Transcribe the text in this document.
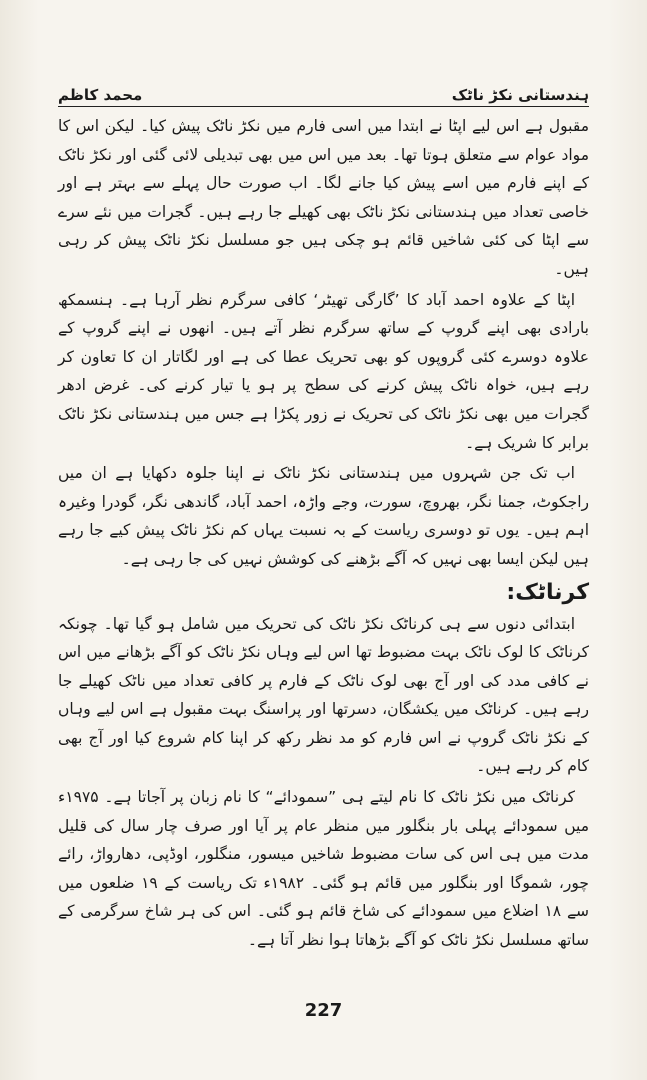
ہندستانی نکڑ ناٹک
محمد کاظم

مقبول ہے اس لیے اپٹا نے ابتدا میں اسی فارم میں نکڑ ناٹک پیش کیا۔ لیکن اس کا مواد عوام سے متعلق ہوتا تھا۔ بعد میں اس میں بھی تبدیلی لائی گئی اور نکڑ ناٹک کے اپنے فارم میں اسے پیش کیا جانے لگا۔ اب صورت حال پہلے سے بہتر ہے اور خاصی تعداد میں ہندستانی نکڑ ناٹک بھی کھیلے جا رہے ہیں۔ گجرات میں نئے سرے سے اپٹا کی کئی شاخیں قائم ہو چکی ہیں جو مسلسل نکڑ ناٹک پیش کر رہی ہیں۔

اپٹا کے علاوہ احمد آباد کا ’گارگی تھیٹر‘ کافی سرگرم نظر آرہا ہے۔ ہنسمکھ بارادی بھی اپنے گروپ کے ساتھ سرگرم نظر آتے ہیں۔ انھوں نے اپنے گروپ کے علاوہ دوسرے کئی گروپوں کو بھی تحریک عطا کی ہے اور لگاتار ان کا تعاون کر رہے ہیں، خواہ ناٹک پیش کرنے کی سطح پر ہو یا تیار کرنے کی۔ غرض ادھر گجرات میں بھی نکڑ ناٹک کی تحریک نے زور پکڑا ہے جس میں ہندستانی نکڑ ناٹک برابر کا شریک ہے۔

اب تک جن شہروں میں ہندستانی نکڑ ناٹک نے اپنا جلوہ دکھایا ہے ان میں راجکوٹ، جمنا نگر، بھروچ، سورت، وجے واڑہ، احمد آباد، گاندھی نگر، گودرا وغیرہ اہم ہیں۔ یوں تو دوسری ریاست کے بہ نسبت یہاں کم نکڑ ناٹک پیش کیے جا رہے ہیں لیکن ایسا بھی نہیں کہ آگے بڑھنے کی کوشش نہیں کی جا رہی ہے۔

کرناٹک:

ابتدائی دنوں سے ہی کرناٹک نکڑ ناٹک کی تحریک میں شامل ہو گیا تھا۔ چونکہ کرناٹک کا لوک ناٹک بہت مضبوط تھا اس لیے وہاں نکڑ ناٹک کو آگے بڑھانے میں اس نے کافی مدد کی اور آج بھی لوک ناٹک کے فارم پر کافی تعداد میں ناٹک کھیلے جا رہے ہیں۔ کرناٹک میں یکشگان، دسرتھا اور پراسنگ بہت مقبول ہے اس لیے وہاں کے نکڑ ناٹک گروپ نے اس فارم کو مد نظر رکھ کر اپنا کام شروع کیا اور آج بھی کام کر رہے ہیں۔

کرناٹک میں نکڑ ناٹک کا نام لیتے ہی ”سمودائے“ کا نام زبان پر آجاتا ہے۔ ۱۹۷۵ء میں سمودائے پہلی بار بنگلور میں منظر عام پر آیا اور صرف چار سال کی قلیل مدت میں ہی اس کی سات مضبوط شاخیں میسور، منگلور، اوڈپی، دھارواڑ، رائے چور، شموگا اور بنگلور میں قائم ہو گئی۔ ۱۹۸۲ء تک ریاست کے ۱۹ ضلعوں میں سے ۱۸ اضلاع میں سمودائے کی شاخ قائم ہو گئی۔ اس کی ہر شاخ سرگرمی کے ساتھ مسلسل نکڑ ناٹک کو آگے بڑھاتا ہوا نظر آتا ہے۔

227
